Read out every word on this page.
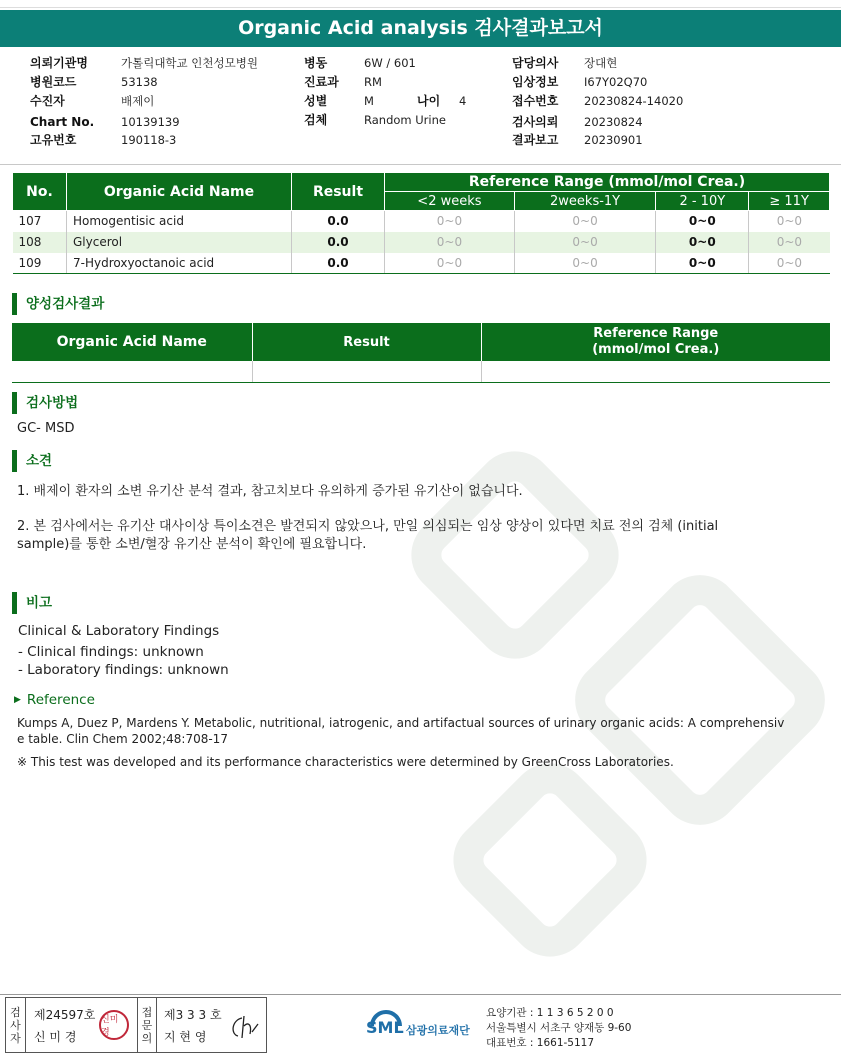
Organic Acid analysis 검사결과보고서
의뢰기관명	가톨릭대학교 인천성모병원
병원코드	53138
수진자	배제이
Chart No. 10139139
고유번호	190118-3
병동	6W / 601
진료과 RM
성별	M	나이 4
검체	Random Urine
담당의사 장대현
임상정보 I67Y02Q70
접수번호 20230824-14020
검사의뢰 20230824
결과보고 20230901
No.	Organic Acid Name	Result	Reference Range (mmol/mol Crea.)			
			<2 weeks	2weeks-1Y	2 - 10Y	≥ 11Y
107	Homogentisic acid	0.0	0~0	0~0	0~0	0~0
108	Glycerol	0.0	0~0	0~0	0~0	0~0
109	7-Hydroxyoctanoic acid	0.0	0~0	0~0	0~0	0~0
양성검사결과
Organic Acid Name	Result	Reference Range
(mmol/mol Crea.)

검사방법
GC- MSD
소견
1. 배제이 환자의 소변 유기산 분석 결과, 참고치보다 유의하게 증가된 유기산이 없습니다.
2. 본 검사에서는 유기산 대사이상 특이소견은 발견되지 않았으나, 만일 의심되는 임상 양상이 있다면 치료 전의 검체 (initial
sample)를 통한 소변/혈장 유기산 분석이 확인에 필요합니다.
비고
Clinical & Laboratory Findings
- Clinical findings: unknown
- Laboratory findings: unknown
▶ Reference
Kumps A, Duez P, Mardens Y. Metabolic, nutritional, iatrogenic, and artifactual sources of urinary organic acids: A comprehensiv
e table. Clin Chem 2002;48:708-17
※ This test was developed and its performance characteristics were determined by GreenCross Laboratories.
검
사
자
제24597호
신 미 경
신미경
접
문
의
제3 3 3 호
지 현 영	SML 삼광의료재단
요양기관 : 1 1 3 6 5 2 0 0
서울특별시 서초구 양재동 9-60
대표번호 : 1661-5117
